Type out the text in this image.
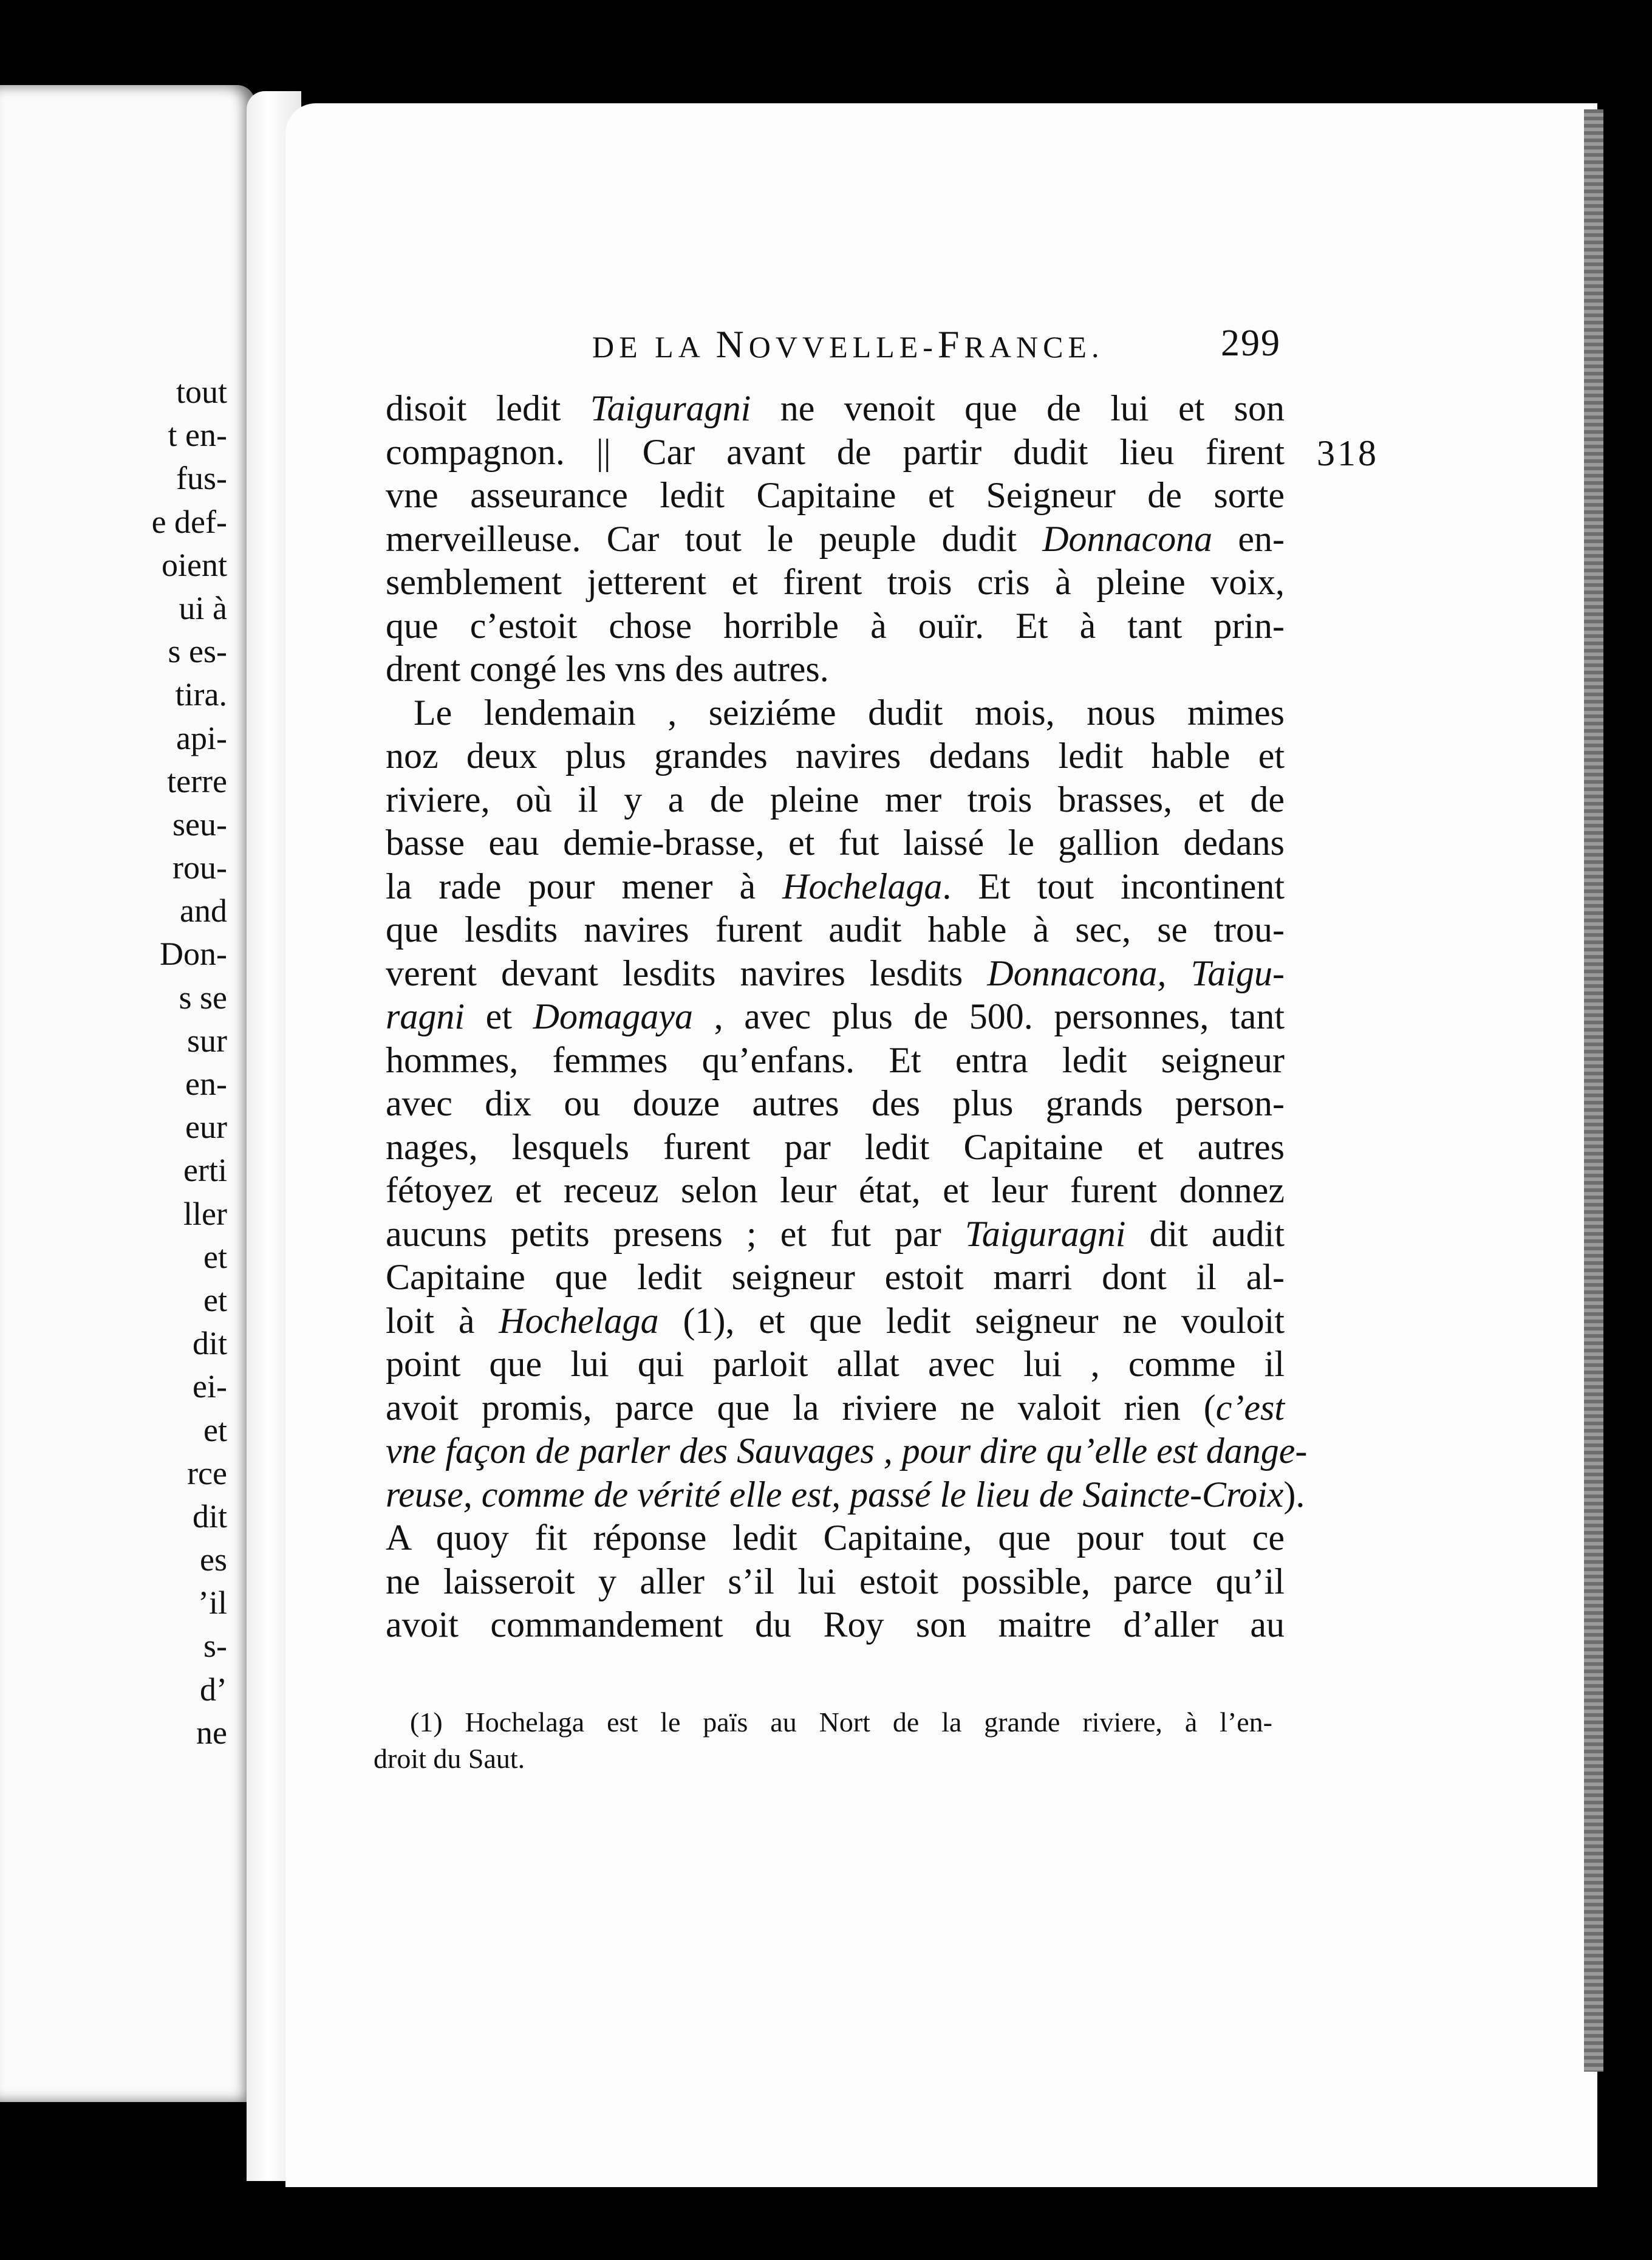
tout
t en-
fus-
e def-
oient
ui à
s es-
tira.
api-
terre
seu-
rou-
and
Don-
s se
sur
en-
eur
erti
ller
et
et
dit
ei-
et
rce
dit
es
’il
s-
d’
ne
DE LA NOVVELLE-FRANCE.	299
318
disoit ledit Taiguragni ne venoit que de lui et son
compagnon. || Car avant de partir dudit lieu firent
vne asseurance ledit Capitaine et Seigneur de sorte
merveilleuse. Car tout le peuple dudit Donnacona en-
semblement jetterent et firent trois cris à pleine voix,
que c’estoit chose horrible à ouïr. Et à tant prin-
drent congé les vns des autres.
Le lendemain , seiziéme dudit mois, nous mimes
noz deux plus grandes navires dedans ledit hable et
riviere, où il y a de pleine mer trois brasses, et de
basse eau demie-brasse, et fut laissé le gallion dedans
la rade pour mener à Hochelaga. Et tout incontinent
que lesdits navires furent audit hable à sec, se trou-
verent devant lesdits navires lesdits Donnacona, Taigu-
ragni et Domagaya , avec plus de 500. personnes, tant
hommes, femmes qu’enfans. Et entra ledit seigneur
avec dix ou douze autres des plus grands person-
nages, lesquels furent par ledit Capitaine et autres
fétoyez et receuz selon leur état, et leur furent donnez
aucuns petits presens ; et fut par Taiguragni dit audit
Capitaine que ledit seigneur estoit marri dont il al-
loit à Hochelaga (1), et que ledit seigneur ne vouloit
point que lui qui parloit allat avec lui , comme il
avoit promis, parce que la riviere ne valoit rien (c’est
vne façon de parler des Sauvages , pour dire qu’elle est dange-
reuse, comme de vérité elle est, passé le lieu de Saincte-Croix).
A quoy fit réponse ledit Capitaine, que pour tout ce
ne laisseroit y aller s’il lui estoit possible, parce qu’il
avoit commandement du Roy son maitre d’aller au
(1) Hochelaga est le païs au Nort de la grande riviere, à l’en-
droit du Saut.
